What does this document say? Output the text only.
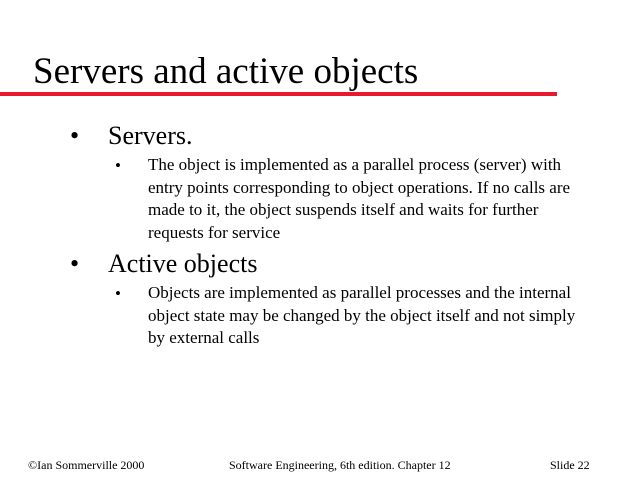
Servers and active objects
• Servers.
• The object is implemented as a parallel process (server) with entry points corresponding to object operations. If no calls are made to it, the object suspends itself and waits for further requests for service
• Active objects
• Objects are implemented as parallel processes and the internal object state may be changed by the object itself and not simply by external calls
©Ian Sommerville 2000	Software Engineering, 6th edition. Chapter 12	Slide 22
